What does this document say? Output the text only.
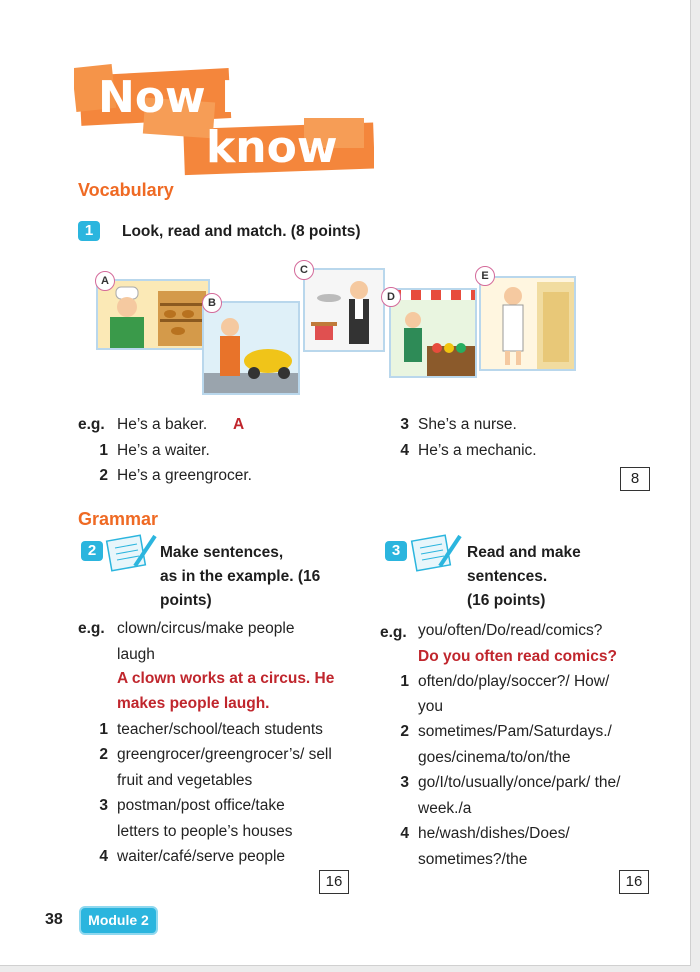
Now I
know
Vocabulary
1	Look, read and match. (8 points)
A
B
C
D
E
e.g. He’s a baker. A
1 He’s a waiter.
2 He’s a greengrocer.
3 She’s a nurse.
4 He’s a mechanic.
8
Grammar
2	Make sentences,
as in the example. (16
points)
e.g. clown/circus/make people
laugh
A clown works at a circus. He
makes people laugh.
1 teacher/school/teach students
2 greengrocer/greengrocer’s/ sell
fruit and vegetables
3 postman/post office/take
letters to people’s houses
4 waiter/café/serve people
16
3	Read and make
sentences.
(16 points)
e.g. you/often/Do/read/comics?
Do you often read comics?
1 often/do/play/soccer?/ How/
you
2 sometimes/Pam/Saturdays./
goes/cinema/to/on/the
3 go/I/to/usually/once/park/ the/
week./a
4 he/wash/dishes/Does/
sometimes?/the
16
38	Module 2
